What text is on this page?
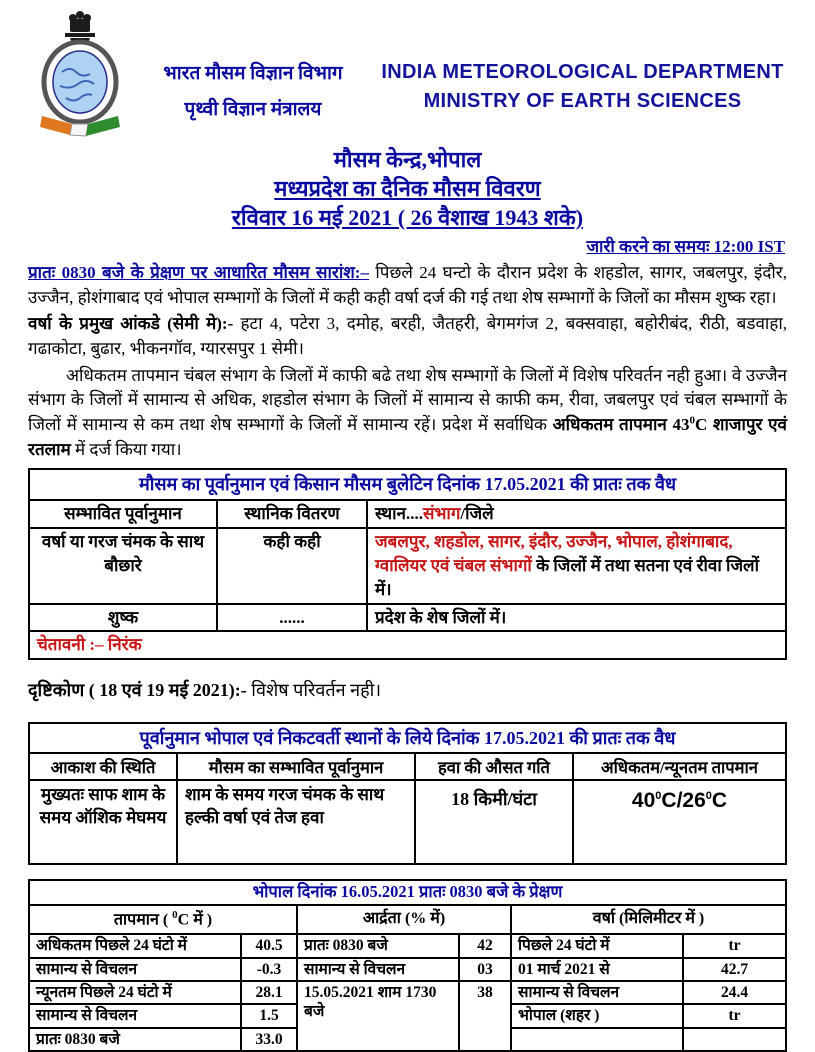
भारत मौसम विज्ञान विभाग
पृथ्वी विज्ञान मंत्रालय
INDIA METEOROLOGICAL DEPARTMENT
MINISTRY OF EARTH SCIENCES
मौसम केन्द्र,भोपाल
मध्यप्रदेश का दैनिक मौसम विवरण
रविवार 16 मई 2021 ( 26 वैशाख 1943 शके)
जारी करने का समयः 12:00 IST

प्रातः 0830 बजे के प्रेक्षण पर आधारित मौसम सारांश:– पिछले 24 घन्टो के दौरान प्रदेश के शहडोल, सागर, जबलपुर, इंदौर, उज्जैन, होशंगाबाद एवं भोपाल सम्भागों के जिलों में कही कही वर्षा दर्ज की गई तथा शेष सम्भागों के जिलों का मौसम शुष्क रहा।

वर्षा के प्रमुख आंकडे (सेमी मे):- हटा 4, पटेरा 3, दमोह, बरही, जैतहरी, बेगमगंज 2, बक्सवाहा, बहोरीबंद, रीठी, बडवाहा, गढाकोटा, बुढार, भीकनगॉव, ग्यारसपुर 1 सेमी।

अधिकतम तापमान चंबल संभाग के जिलों में काफी बढे तथा शेष सम्भागों के जिलों में विशेष परिवर्तन नही हुआ। वे उज्जैन संभाग के जिलों में सामान्य से अधिक, शहडोल संभाग के जिलों में सामान्य से काफी कम, रीवा, जबलपुर एवं चंबल सम्भागों के जिलों में सामान्य से कम तथा शेष सम्भागों के जिलों में सामान्य रहें। प्रदेश में सर्वाधिक अधिकतम तापमान $43^0C$ शाजापुर एवं रतलाम में दर्ज किया गया।

मौसम का पूर्वानुमान एवं किसान मौसम बुलेटिन दिनांक 17.05.2021 की प्रातः तक वैध		
सम्भावित पूर्वानुमान	स्थानिक वितरण	स्थान....संभाग/जिले
वर्षा या गरज चंमक के साथ बौछारे	कही कही	जबलपुर, शहडोल, सागर, इंदौर, उज्जैन, भोपाल, होशंगाबाद, ग्वालियर एवं चंबल संभागों के जिलों में तथा सतना एवं रीवा जिलों में।
शुष्क	......	प्रदेश के शेष जिलों में।
चेतावनी :– निरंक		

दृष्टिकोण ( 18 एवं 19 मई 2021):- विशेष परिवर्तन नही।

पूर्वानुमान भोपाल एवं निकटवर्ती स्थानों के लिये दिनांक 17.05.2021 की प्रातः तक वैध			
आकाश की स्थिति	मौसम का सम्भावित पूर्वानुमान	हवा की औसत गति	अधिकतम/न्यूनतम तापमान
मुख्यतः साफ शाम के समय ऑशिक मेघमय	शाम के समय गरज चंमक के साथ हल्की वर्षा एवं तेज हवा	18 किमी/घंटा	$40^0C/26^0C$
भोपाल दिनांक 16.05.2021 प्रातः 0830 बजे के प्रेक्षण					
तापमान ( $^0$C में )		आर्द्रता (% में)		वर्षा (मिलिमीटर में )	
अधिकतम पिछले 24 घंटो में	40.5	प्रातः 0830 बजे	42	पिछले 24 घंटो में	tr
सामान्य से विचलन	-0.3	सामान्य से विचलन	03	01 मार्च 2021 से	42.7
न्यूनतम पिछले 24 घंटो में	28.1	15.05.2021 शाम 1730 बजे	38	सामान्य से विचलन	24.4
सामान्य से विचलन	1.5			भोपाल (शहर )	tr
प्रातः 0830 बजे	33.0				
